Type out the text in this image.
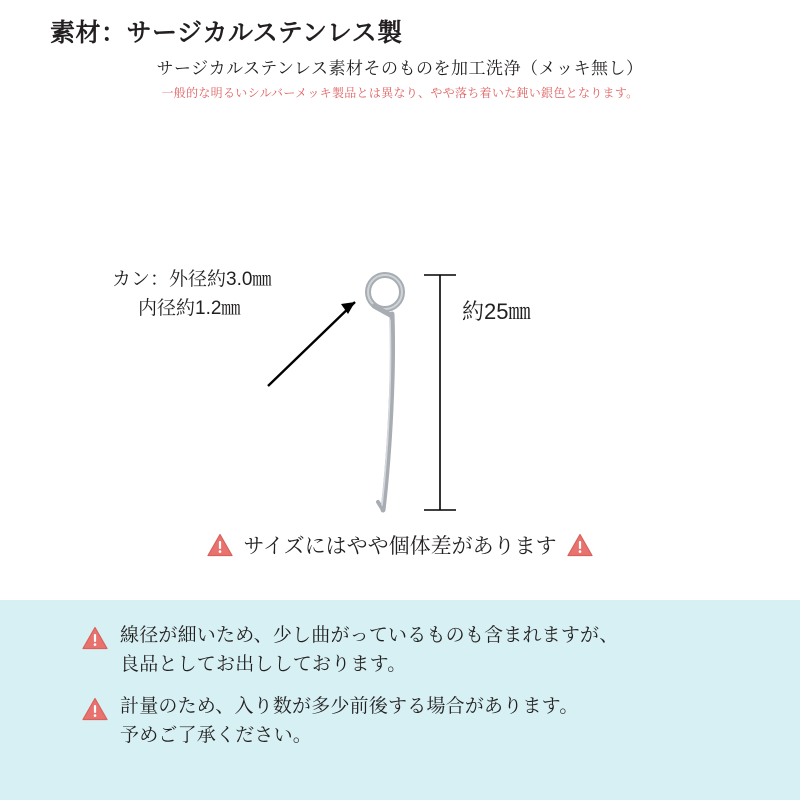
素材：サージカルステンレス製
サージカルステンレス素材そのものを加工洗浄（メッキ無し）
一般的な明るいシルバーメッキ製品とは異なり、やや落ち着いた鈍い銀色となります。
カン：外径約3.0㎜
内径約1.2㎜	約25㎜
サイズにはやや個体差があります
線径が細いため、少し曲がっているものも含まれますが、
良品としてお出ししております。
計量のため、入り数が多少前後する場合があります。
予めご了承ください。
